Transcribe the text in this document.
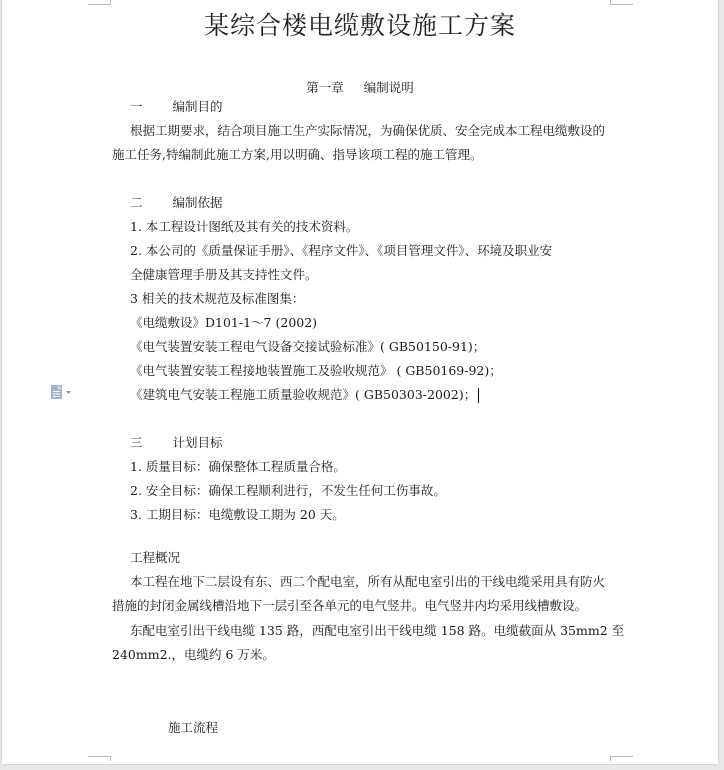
某综合楼电缆敷设施工方案
第一章 编制说明
一 编制目的
根据工期要求，结合项目施工生产实际情况，为确保优质、安全完成本工程电缆敷设的
施工任务,特编制此施工方案,用以明确、指导该项工程的施工管理。
二 编制依据
1. 本工程设计图纸及其有关的技术资料。
2. 本公司的《质量保证手册》、《程序文件》、《项目管理文件》、环境及职业安
全健康管理手册及其支持性文件。
3 相关的技术规范及标准图集：
《电缆敷设》D101-1～7 (2002)
《电气装置安装工程电气设备交接试验标准》( GB50150-91)；
《电气装置安装工程接地装置施工及验收规范》 ( GB50169-92)；
《建筑电气安装工程施工质量验收规范》( GB50303-2002)；
三 计划目标
1. 质量目标：确保整体工程质量合格。
2. 安全目标：确保工程顺利进行，不发生任何工伤事故。
3. 工期目标：电缆敷设工期为 20 天。
工程概况
本工程在地下二层设有东、西二个配电室，所有从配电室引出的干线电缆采用具有防火
措施的封闭金属线槽沿地下一层引至各单元的电气竖井。电气竖井内均采用线槽敷设。
东配电室引出干线电缆 135 路，西配电室引出干线电缆 158 路。电缆截面从 35mm2 至
240mm2.，电缆约 6 万米。
施工流程
